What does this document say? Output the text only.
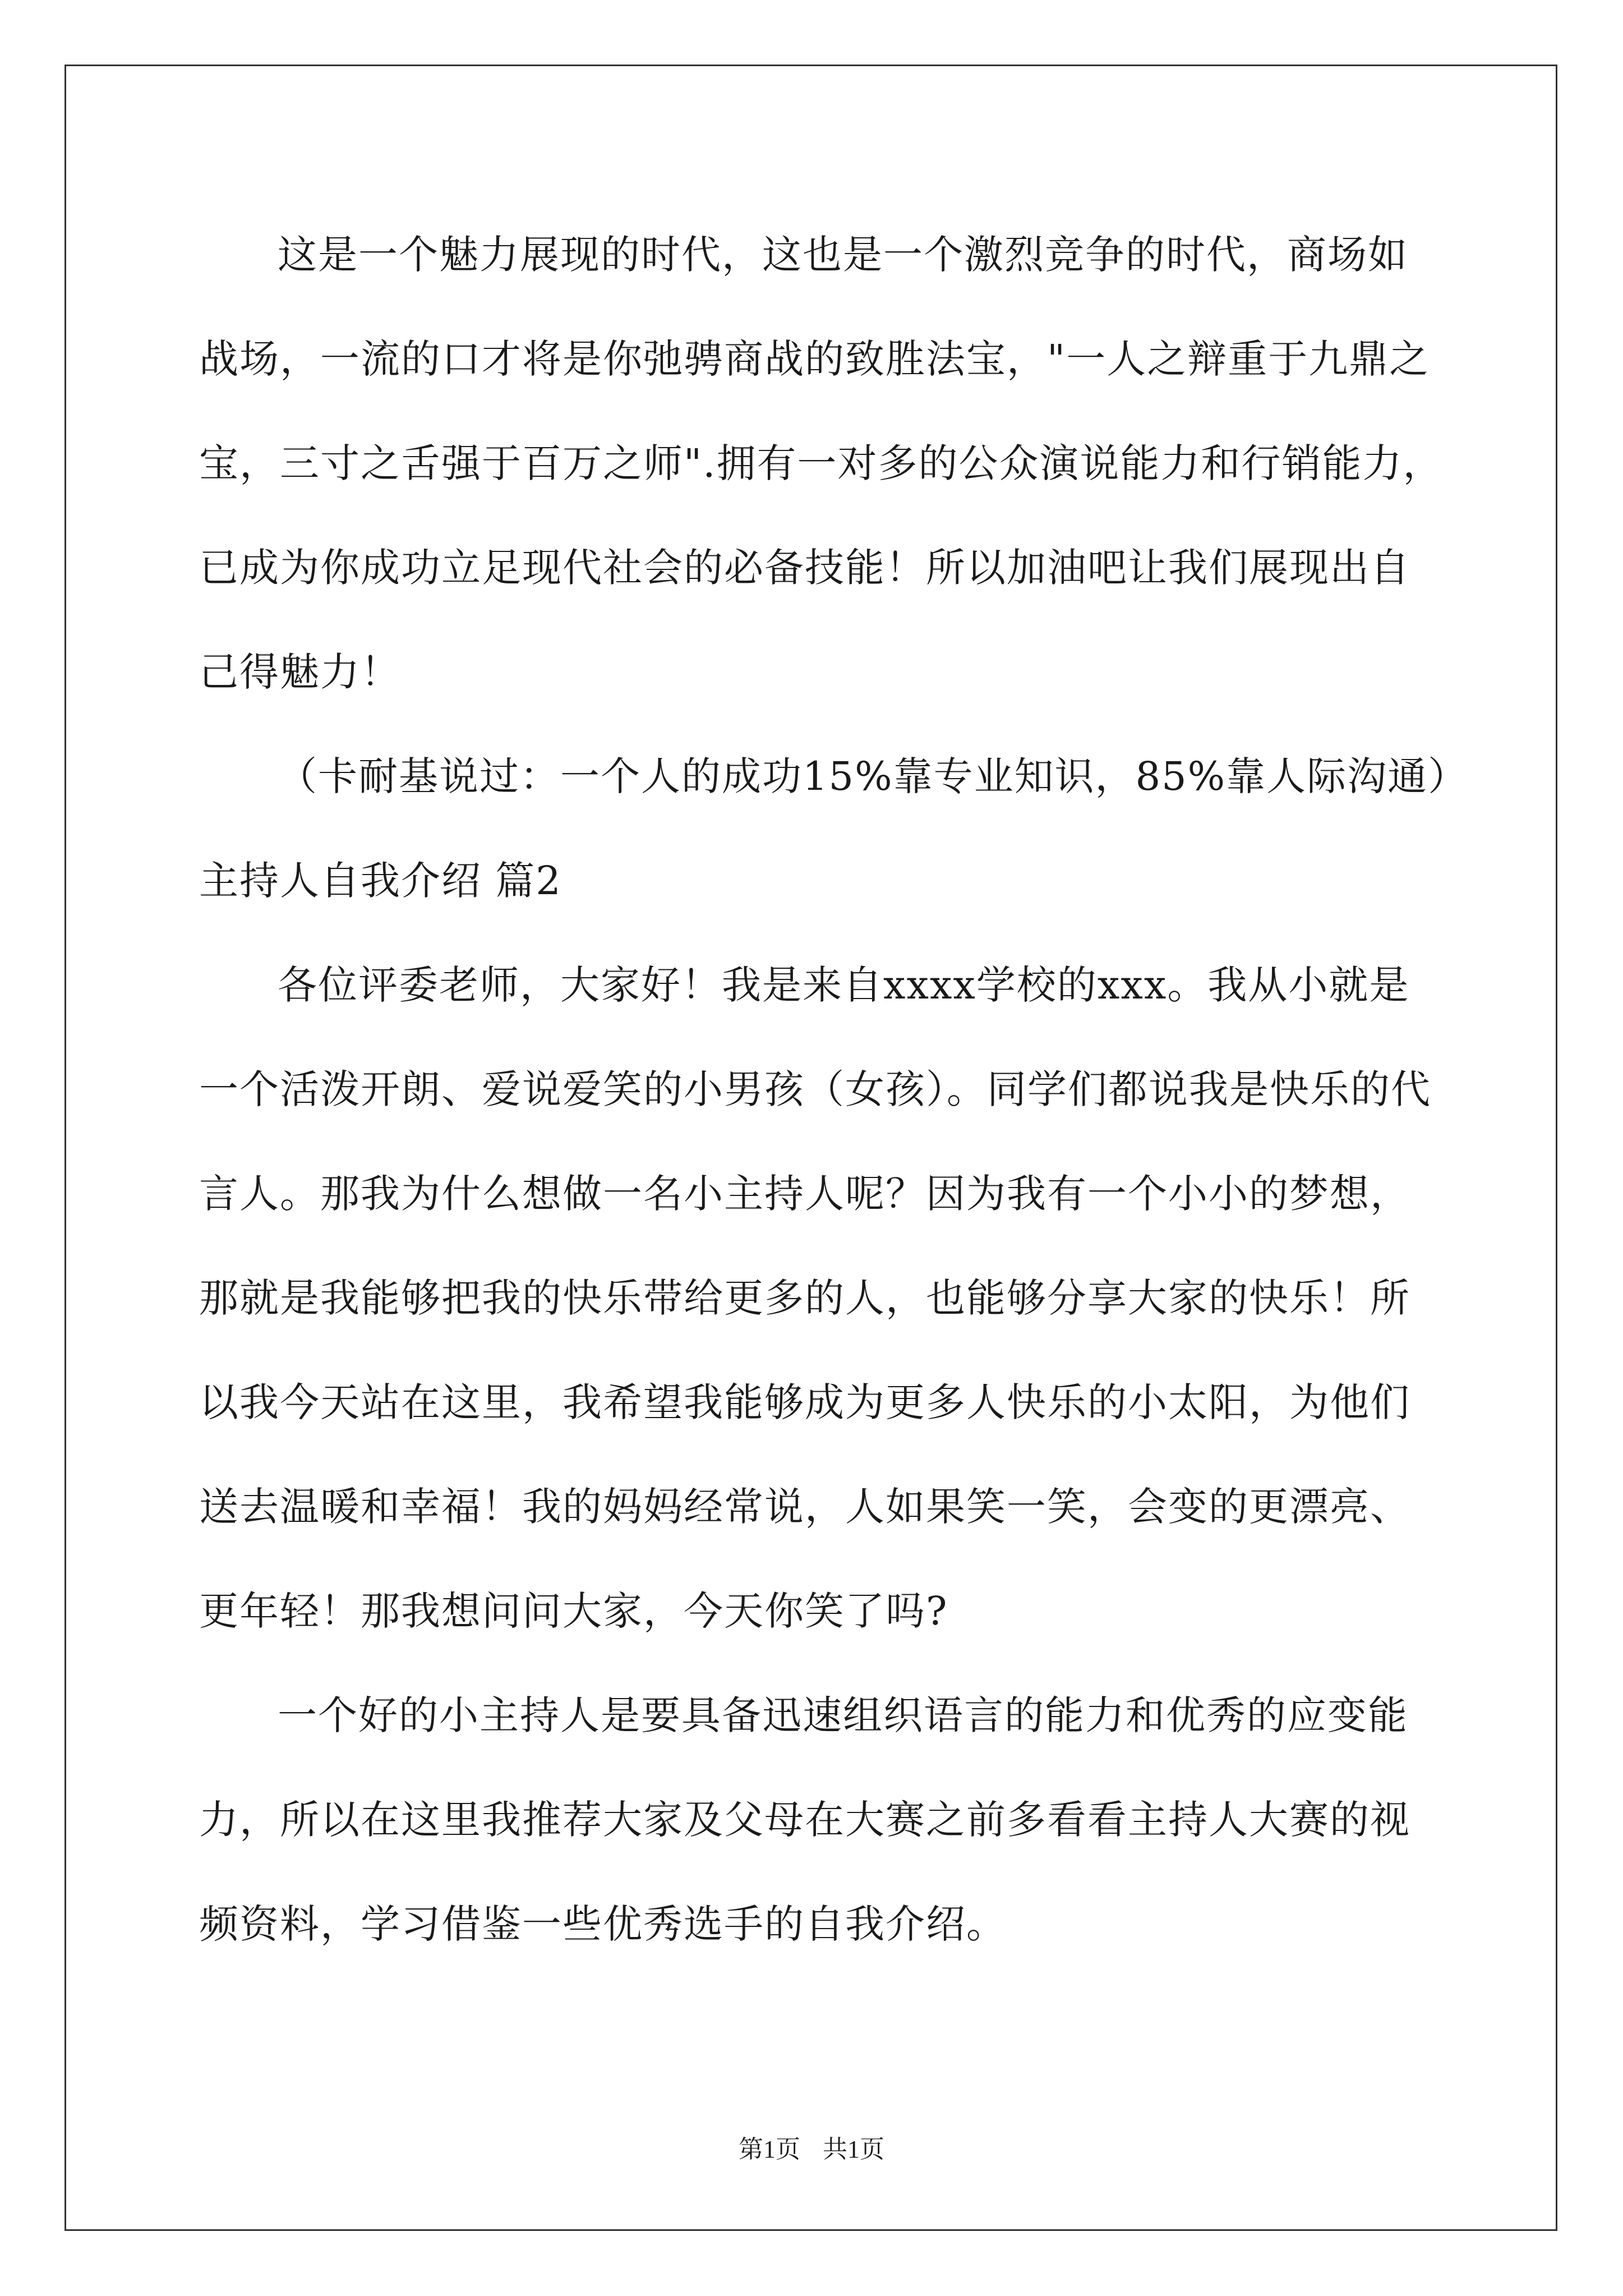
这是一个魅力展现的时代，这也是一个激烈竞争的时代，商场如
战场，一流的口才将是你弛骋商战的致胜法宝，"一人之辩重于九鼎之
宝，三寸之舌强于百万之师".拥有一对多的公众演说能力和行销能力，
已成为你成功立足现代社会的必备技能！所以加油吧让我们展现出自
己得魅力！
（卡耐基说过：一个人的成功15%靠专业知识，85%靠人际沟通）
主持人自我介绍 篇2
各位评委老师，大家好！我是来自xxxx学校的xxx。我从小就是
一个活泼开朗、爱说爱笑的小男孩（女孩）。同学们都说我是快乐的代
言人。那我为什么想做一名小主持人呢？因为我有一个小小的梦想，
那就是我能够把我的快乐带给更多的人，也能够分享大家的快乐！所
以我今天站在这里，我希望我能够成为更多人快乐的小太阳，为他们
送去温暖和幸福！我的妈妈经常说，人如果笑一笑，会变的更漂亮、
更年轻！那我想问问大家，今天你笑了吗?
一个好的小主持人是要具备迅速组织语言的能力和优秀的应变能
力，所以在这里我推荐大家及父母在大赛之前多看看主持人大赛的视
频资料，学习借鉴一些优秀选手的自我介绍。
第1页 共1页
